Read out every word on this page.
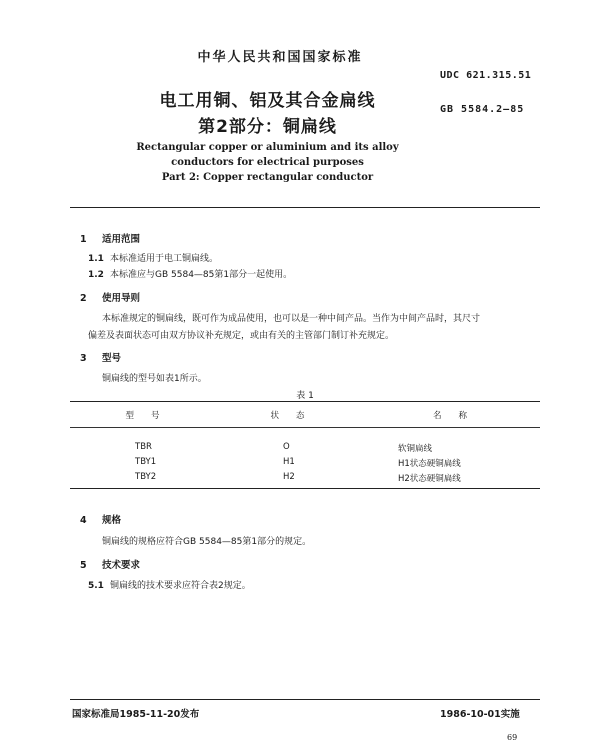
中华人民共和国国家标准
UDC 621.315.51
GB 5584.2—85
电工用铜、铝及其合金扁线
第2部分：铜扁线
Rectangular copper or aluminium and its alloy
conductors for electrical purposes
Part 2: Copper rectangular conductor
1 适用范围
1.1 本标准适用于电工铜扁线。
1.2 本标准应与GB 5584—85第1部分一起使用。
2 使用导则
本标准规定的铜扁线，既可作为成品使用，也可以是一种中间产品。当作为中间产品时，其尺寸
偏差及表面状态可由双方协议补充规定，或由有关的主管部门制订补充规定。
3 型号
铜扁线的型号如表1所示。
表 1
型　　号	状　　态	名　　称
TBR	O	软铜扁线
TBY1	H1	H1状态硬铜扁线
TBY2	H2	H2状态硬铜扁线
4 规格
铜扁线的规格应符合GB 5584—85第1部分的规定。
5 技术要求
5.1 铜扁线的技术要求应符合表2规定。
国家标准局1985-11-20发布	1986-10-01实施
69
